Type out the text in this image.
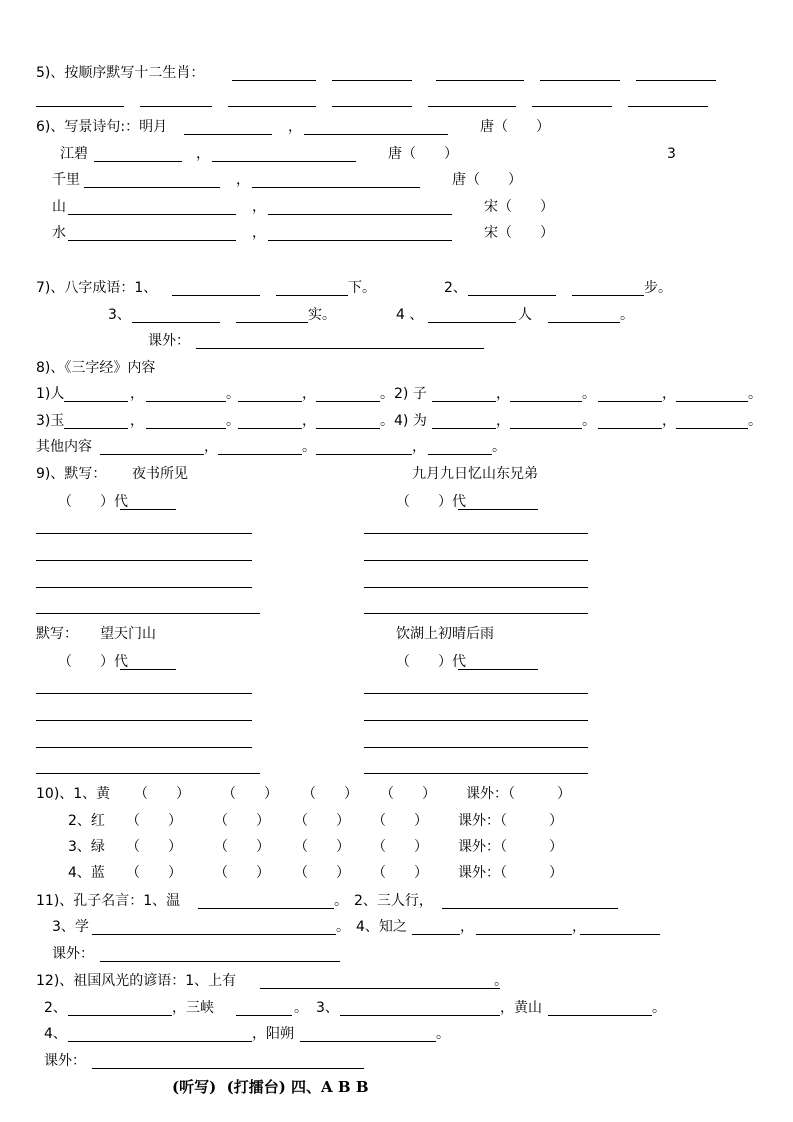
3
5)、按顺序默写十二生肖：
6)、写景诗句:：明月	，	唐（　　）
江碧	，	唐（　　）
千里	，	唐（　　）
山	，	宋（　　）
水	，	宋（　　）
7)、八字成语：1、	下。	2、	步。
3、	实。	4 、	人	。
课外：
8)、《三字经》内容
1)人	，	。	，	。 2) 子	，	。	，	。
3)玉	，	。	，	。 4) 为	，	。	，	。
其他内容	，	。	，	。
9)、默写： 夜书所见	九月九日忆山东兄弟
（　　）代	（　　）代
默写： 望天门山	饮湖上初晴后雨
（　　）代	（　　）代
10)、1、黄 （　　） （　　） （　　） （　　） 课外：（　　　）
2、红 （　　） （　　） （　　） （　　） 课外：（　　　）
3、绿 （　　） （　　） （　　） （　　） 课外：（　　　）
4、蓝 （　　） （　　） （　　） （　　） 课外：（　　　）
11)、孔子名言：1、温	。 2、三人行，
3、学	。 4、知之	，	，
课外：
12)、祖国风光的谚语：1、上有	。
2、	，三峡	。 3、	，黄山	。
4、	，阳朔	。
课外：
(听写)  (打擂台) 四、A B B
